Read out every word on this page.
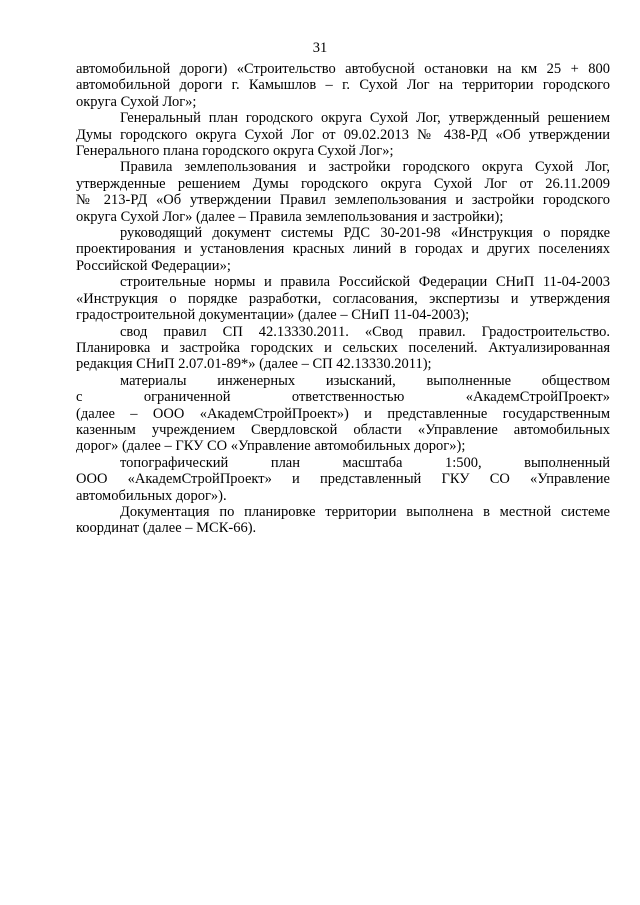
31
автомобильной дороги) «Строительство автобусной остановки на км 25 + 800
автомобильной дороги г. Камышлов – г. Сухой Лог на территории городского
округа Сухой Лог»;
Генеральный план городского округа Сухой Лог, утвержденный решением
Думы городского округа Сухой Лог от 09.02.2013 № 438-РД «Об утверждении
Генерального плана городского округа Сухой Лог»;
Правила землепользования и застройки городского округа Сухой Лог,
утвержденные решением Думы городского округа Сухой Лог от 26.11.2009
№ 213-РД «Об утверждении Правил землепользования и застройки городского
округа Сухой Лог» (далее – Правила землепользования и застройки);
руководящий документ системы РДС 30-201-98 «Инструкция о порядке
проектирования и установления красных линий в городах и других поселениях
Российской Федерации»;
строительные нормы и правила Российской Федерации СНиП 11-04-2003
«Инструкция о порядке разработки, согласования, экспертизы и утверждения
градостроительной документации» (далее – СНиП 11-04-2003);
свод правил СП 42.13330.2011. «Свод правил. Градостроительство.
Планировка и застройка городских и сельских поселений. Актуализированная
редакция СНиП 2.07.01-89*» (далее – СП 42.13330.2011);
материалы инженерных изысканий, выполненные обществом
с ограниченной ответственностью «АкадемСтройПроект»
(далее – ООО «АкадемСтройПроект») и представленные государственным
казенным учреждением Свердловской области «Управление автомобильных
дорог» (далее – ГКУ СО «Управление автомобильных дорог»);
топографический план масштаба 1:500, выполненный
ООО «АкадемСтройПроект» и представленный ГКУ СО «Управление
автомобильных дорог»).
Документация по планировке территории выполнена в местной системе
координат (далее – МСК-66).
